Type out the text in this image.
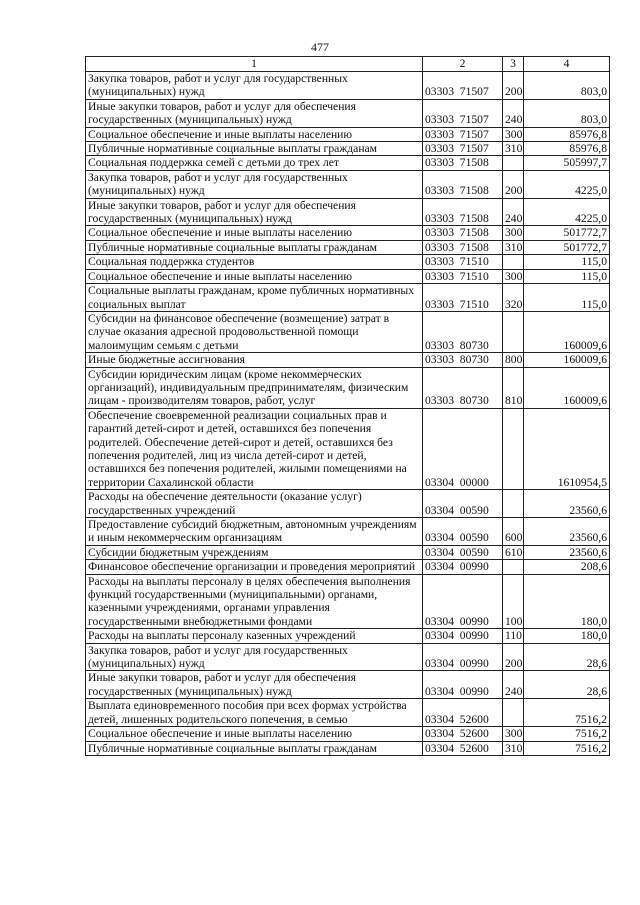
477
1	2	3	4
Закупка товаров, работ и услуг для государственных (муниципальных) нужд	03303  71507	200	803,0
Иные закупки товаров, работ и услуг для обеспечения государственных (муниципальных) нужд	03303  71507	240	803,0
Социальное обеспечение и иные выплаты населению	03303  71507	300	85976,8
Публичные нормативные социальные выплаты гражданам	03303  71507	310	85976,8
Социальная поддержка семей с детьми до трех лет	03303  71508		505997,7
Закупка товаров, работ и услуг для государственных (муниципальных) нужд	03303  71508	200	4225,0
Иные закупки товаров, работ и услуг для обеспечения государственных (муниципальных) нужд	03303  71508	240	4225,0
Социальное обеспечение и иные выплаты населению	03303  71508	300	501772,7
Публичные нормативные социальные выплаты гражданам	03303  71508	310	501772,7
Социальная поддержка студентов	03303  71510		115,0
Социальное обеспечение и иные выплаты населению	03303  71510	300	115,0
Социальные выплаты гражданам, кроме публичных нормативных социальных выплат	03303  71510	320	115,0
Субсидии на финансовое обеспечение (возмещение) затрат в случае оказания адресной продовольственной помощи малоимущим семьям с детьми	03303  80730		160009,6
Иные бюджетные ассигнования	03303  80730	800	160009,6
Субсидии юридическим лицам (кроме некоммерческих организаций), индивидуальным предпринимателям, физическим лицам - производителям товаров, работ, услуг	03303  80730	810	160009,6
Обеспечение своевременной реализации социальных прав и гарантий детей-сирот и детей, оставшихся без попечения родителей. Обеспечение детей-сирот и детей, оставшихся без попечения родителей, лиц из числа детей-сирот и детей, оставшихся без попечения родителей, жилыми помещениями на территории Сахалинской области	03304  00000		1610954,5
Расходы на обеспечение деятельности (оказание услуг) государственных учреждений	03304  00590		23560,6
Предоставление субсидий бюджетным, автономным учреждениям и иным некоммерческим организациям	03304  00590	600	23560,6
Субсидии бюджетным учреждениям	03304  00590	610	23560,6
Финансовое обеспечение организации и проведения мероприятий	03304  00990		208,6
Расходы на выплаты персоналу в целях обеспечения выполнения функций государственными (муниципальными) органами, казенными учреждениями, органами управления государственными внебюджетными фондами	03304  00990	100	180,0
Расходы на выплаты персоналу казенных учреждений	03304  00990	110	180,0
Закупка товаров, работ и услуг для государственных (муниципальных) нужд	03304  00990	200	28,6
Иные закупки товаров, работ и услуг для обеспечения государственных (муниципальных) нужд	03304  00990	240	28,6
Выплата единовременного пособия при всех формах устройства детей, лишенных родительского попечения, в семью	03304  52600		7516,2
Социальное обеспечение и иные выплаты населению	03304  52600	300	7516,2
Публичные нормативные социальные выплаты гражданам	03304  52600	310	7516,2
